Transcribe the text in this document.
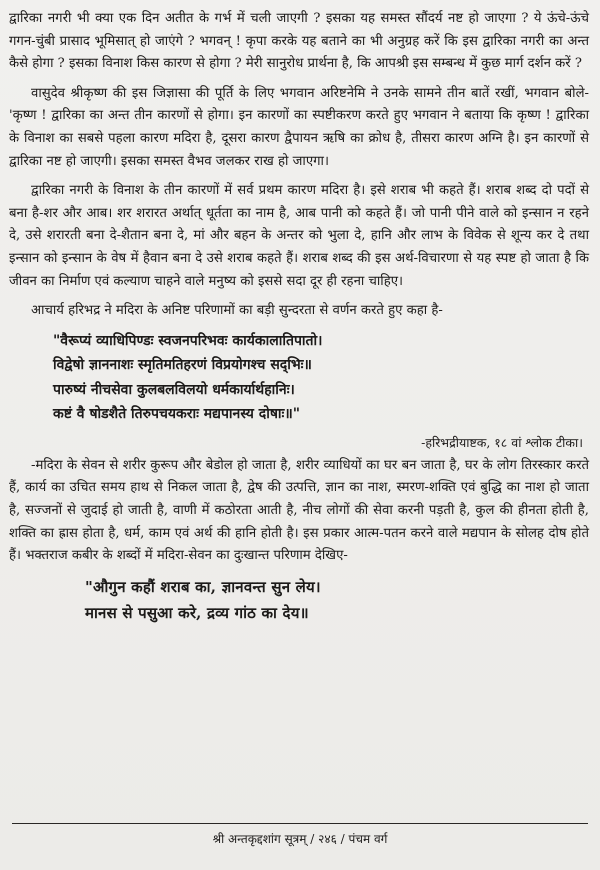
द्वारिका नगरी भी क्या एक दिन अतीत के गर्भ में चली जाएगी ? इसका यह समस्त सौंदर्य नष्ट हो जाएगा ? ये ऊंचे-ऊंचे गगन-चुंबी प्रासाद भूमिसात् हो जाएंगे ? भगवन् ! कृपा करके यह बताने का भी अनुग्रह करें कि इस द्वारिका नगरी का अन्त कैसे होगा ? इसका विनाश किस कारण से होगा ? मेरी सानुरोध प्रार्थना है, कि आपश्री इस सम्बन्ध में कुछ मार्ग दर्शन करें ?

वासुदेव श्रीकृष्ण की इस जिज्ञासा की पूर्ति के लिए भगवान अरिष्टनेमि ने उनके सामने तीन बातें रखीं, भगवान बोले-'कृष्ण ! द्वारिका का अन्त तीन कारणों से होगा। इन कारणों का स्पष्टीकरण करते हुए भगवान ने बताया कि कृष्ण ! द्वारिका के विनाश का सबसे पहला कारण मदिरा है, दूसरा कारण द्वैपायन ऋषि का क्रोध है, तीसरा कारण अग्नि है। इन कारणों से द्वारिका नष्ट हो जाएगी। इसका समस्त वैभव जलकर राख हो जाएगा।

द्वारिका नगरी के विनाश के तीन कारणों में सर्व प्रथम कारण मदिरा है। इसे शराब भी कहते हैं। शराब शब्द दो पदों से बना है-शर और आब। शर शरारत अर्थात् धूर्तता का नाम है, आब पानी को कहते हैं। जो पानी पीने वाले को इन्सान न रहने दे, उसे शरारती बना दे-शैतान बना दे, मां और बहन के अन्तर को भुला दे, हानि और लाभ के विवेक से शून्य कर दे तथा इन्सान को इन्सान के वेष में हैवान बना दे उसे शराब कहते हैं। शराब शब्द की इस अर्थ-विचारणा से यह स्पष्ट हो जाता है कि जीवन का निर्माण एवं कल्याण चाहने वाले मनुष्य को इससे सदा दूर ही रहना चाहिए।

आचार्य हरिभद्र ने मदिरा के अनिष्ट परिणामों का बड़ी सुन्दरता से वर्णन करते हुए कहा है-

"वैरूप्यं व्याधिपिण्डः स्वजनपरिभवः कार्यकालातिपातो।
विद्वेषो ज्ञाननाशः स्मृतिमतिहरणं विप्रयोगश्च सद्‌भिः॥
पारुष्यं नीचसेवा कुलबलविलयो धर्मकार्यार्थहानिः।
कष्टं वै षोडशैते तिरुपचयकराः मद्यपानस्य दोषाः॥"
-हरिभद्रीयाष्टक, १८ वां श्लोक टीका।

-मदिरा के सेवन से शरीर कुरूप और बेडोल हो जाता है, शरीर व्याधियों का घर बन जाता है, घर के लोग तिरस्कार करते हैं, कार्य का उचित समय हाथ से निकल जाता है, द्वेष की उत्पत्ति, ज्ञान का नाश, स्मरण-शक्ति एवं बुद्धि का नाश हो जाता है, सज्जनों से जुदाई हो जाती है, वाणी में कठोरता आती है, नीच लोगों की सेवा करनी पड़ती है, कुल की हीनता होती है, शक्ति का ह्रास होता है, धर्म, काम एवं अर्थ की हानि होती है। इस प्रकार आत्म-पतन करने वाले मद्यपान के सोलह दोष होते हैं। भक्तराज कबीर के शब्दों में मदिरा-सेवन का दुःखान्त परिणाम देखिए-

"औगुन कहौं शराब का, ज्ञानवन्त सुन लेय।
मानस से पसुआ करे, द्रव्य गांठ का देय॥
श्री अन्तकृद्दशांग सूत्रम् / २४६ / पंचम वर्ग
